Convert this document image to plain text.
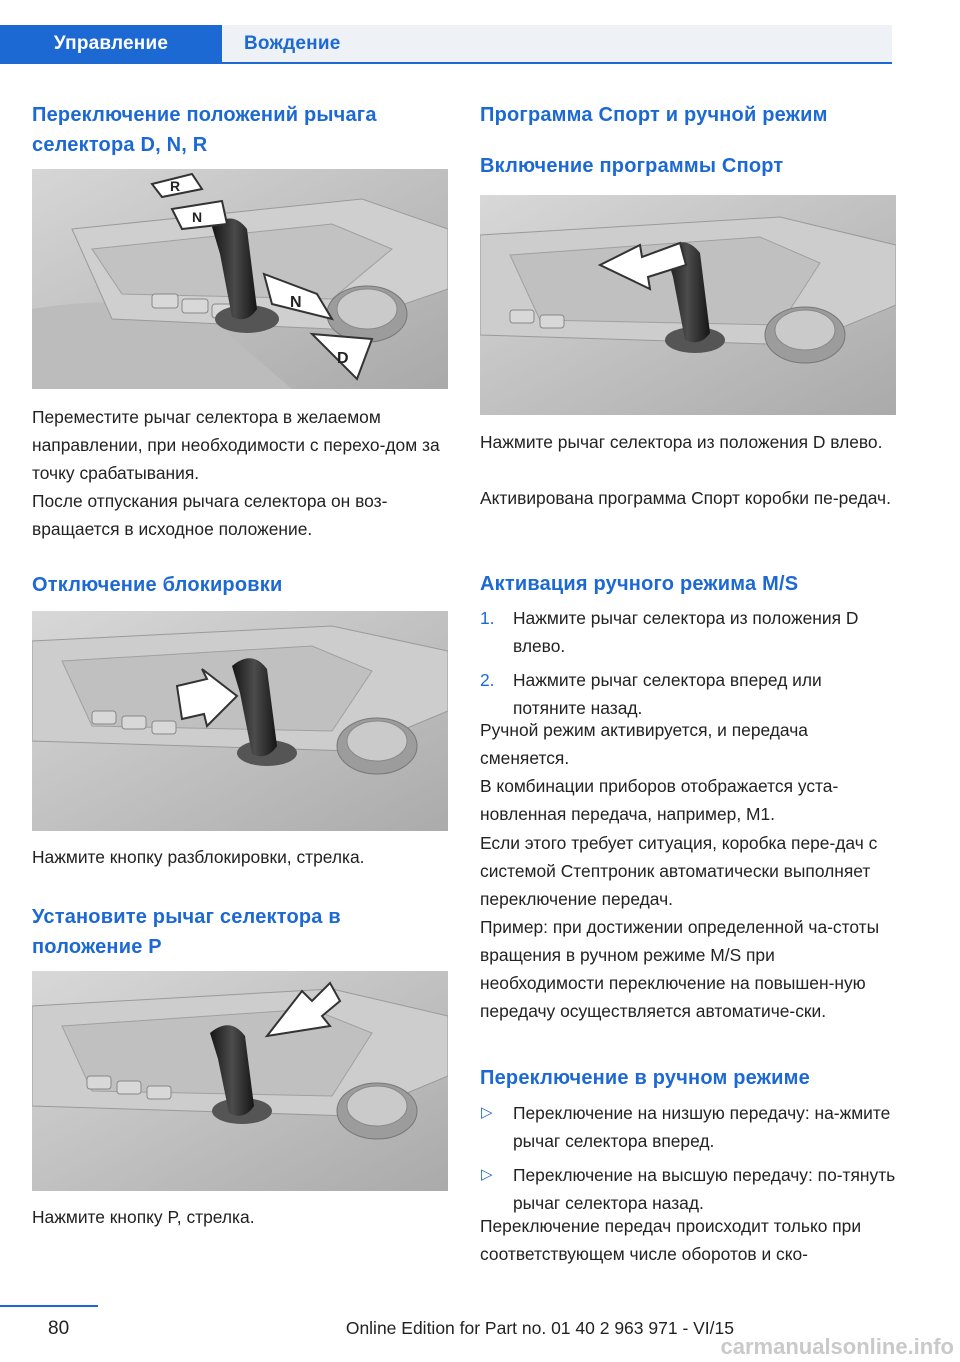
Управление	Вождение
Переключение положений рычага селектора D, N, R
R
N
N
D

Переместите рычаг селектора в желаемом направлении, при необходимости с перехо-дом за точку срабатывания.

После отпускания рычага селектора он воз-вращается в исходное положение.

Отключение блокировки

Нажмите кнопку разблокировки, стрелка.

Установите рычаг селектора в положение P

Нажмите кнопку P, стрелка.

Программа Спорт и ручной режим
Включение программы Спорт

Нажмите рычаг селектора из положения D влево.

Активирована программа Спорт коробки пе-редач.

Активация ручного режима M/S
1. Нажмите рычаг селектора из положения D влево.
2. Нажмите рычаг селектора вперед или потяните назад.

Ручной режим активируется, и передача сменяется.

В комбинации приборов отображается уста-новленная передача, например, M1.

Если этого требует ситуация, коробка пере-дач с системой Стептроник автоматически выполняет переключение передач.

Пример: при достижении определенной ча-стоты вращения в ручном режиме M/S при необходимости переключение на повышен-ную передачу осуществляется автоматиче-ски.

Переключение в ручном режиме
▷ Переключение на низшую передачу: на-жмите рычаг селектора вперед.
▷ Переключение на высшую передачу: по-тянуть рычаг селектора назад.

Переключение передач происходит только при соответствующем числе оборотов и ско-

80	Online Edition for Part no. 01 40 2 963 971 - VI/15
carmanualsonline.info
